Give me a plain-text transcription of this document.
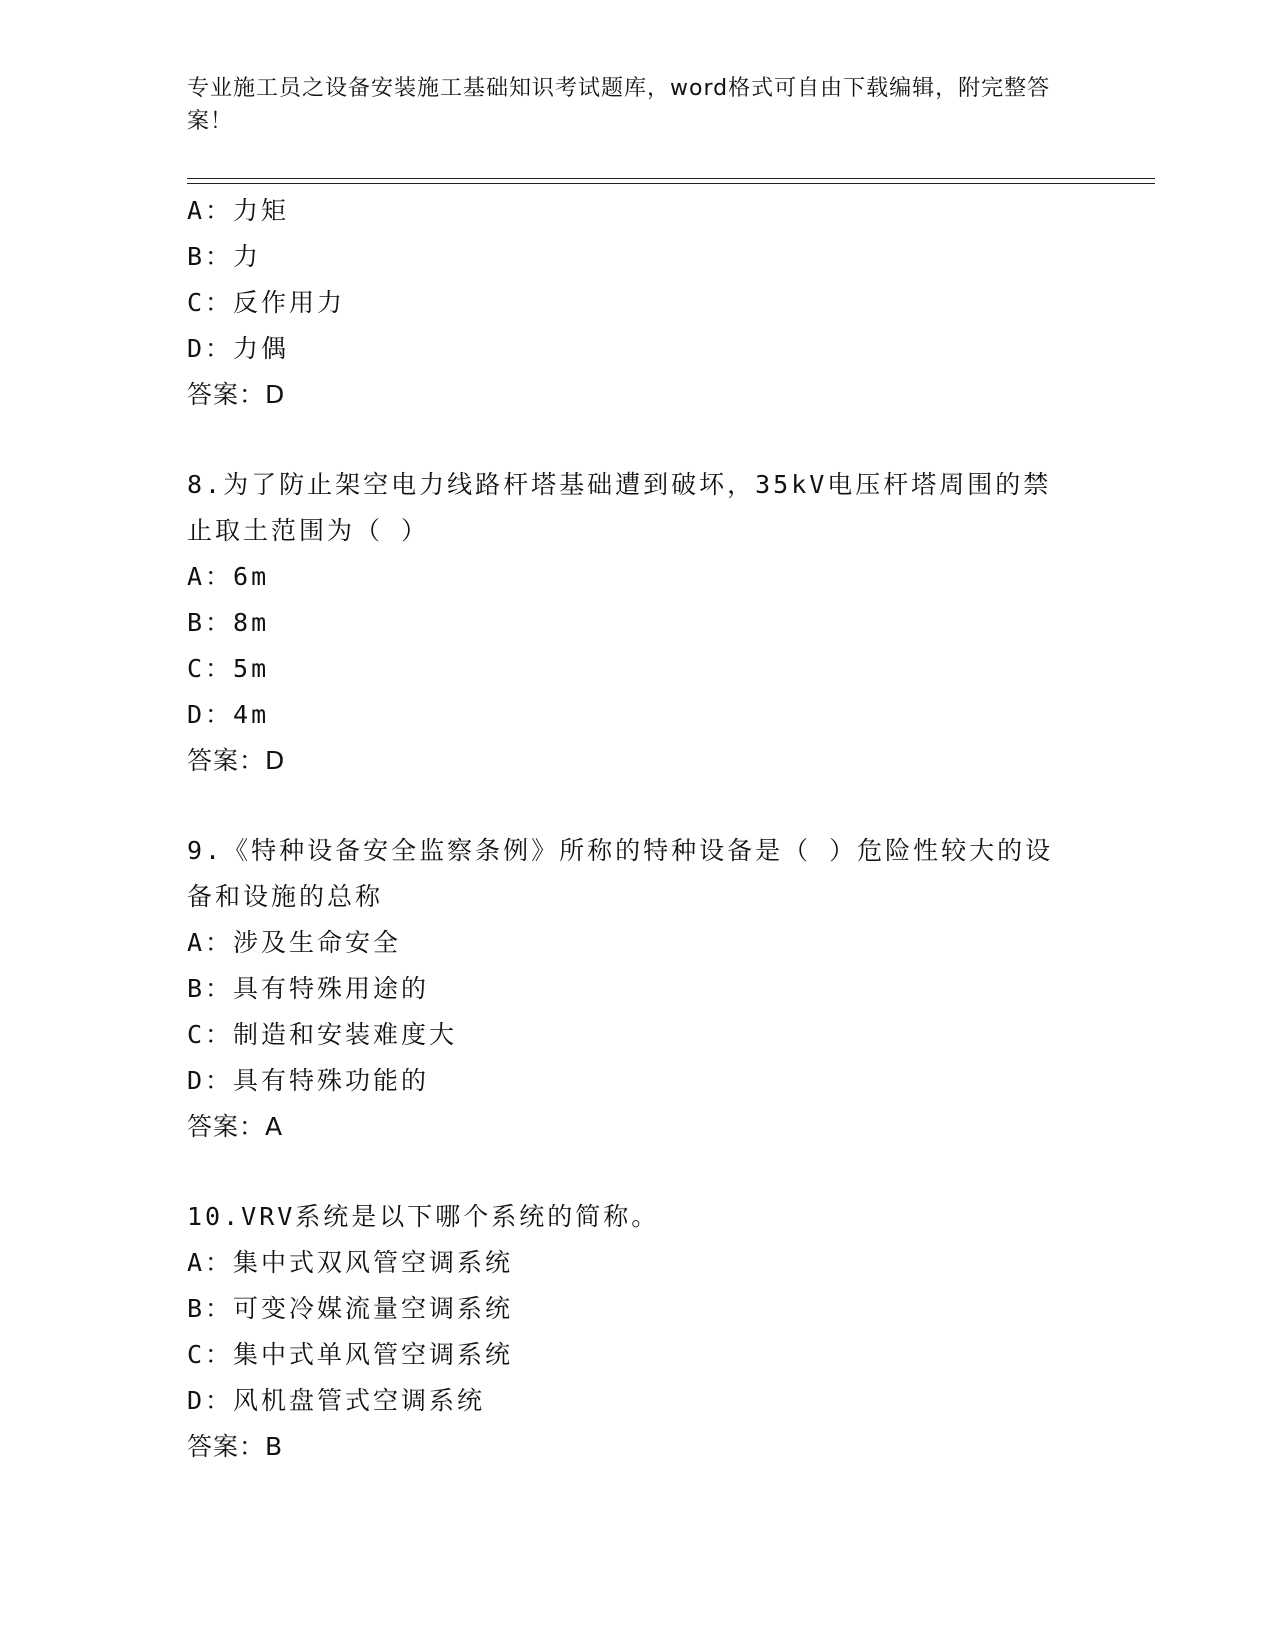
专业施工员之设备安装施工基础知识考试题库，word格式可自由下载编辑，附完整答案！
A：力矩
B：力
C：反作用力
D：力偶
答案：D
8.为了防止架空电力线路杆塔基础遭到破坏，35kV电压杆塔周围的禁止取土范围为（ ）
A：6m
B：8m
C：5m
D：4m
答案：D
9.《特种设备安全监察条例》所称的特种设备是（ ）危险性较大的设备和设施的总称
A：涉及生命安全
B：具有特殊用途的
C：制造和安装难度大
D：具有特殊功能的
答案：A
10.VRV系统是以下哪个系统的简称。
A：集中式双风管空调系统
B：可变冷媒流量空调系统
C：集中式单风管空调系统
D：风机盘管式空调系统
答案：B
